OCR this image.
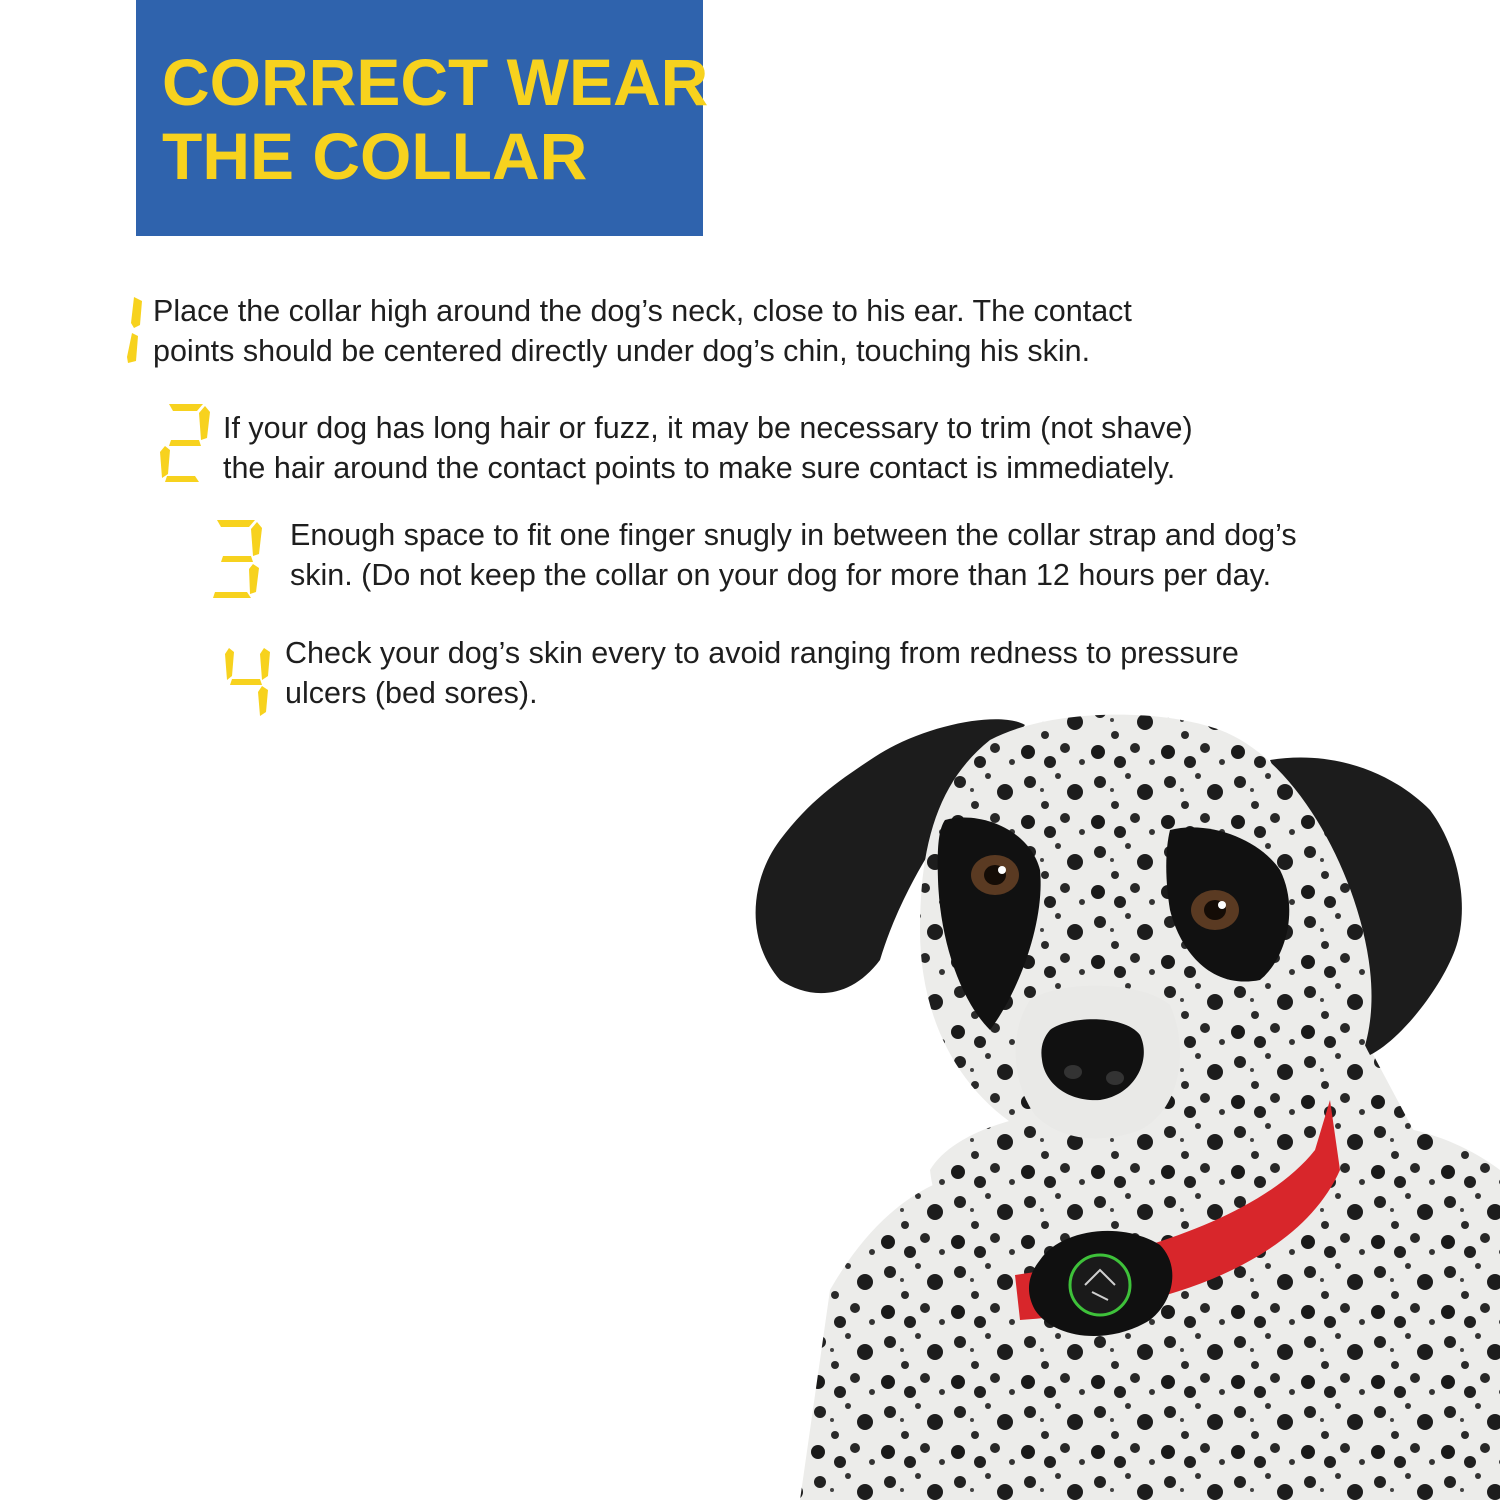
CORRECT WEAR
THE COLLAR

Place the collar high around the dog’s neck, close to his ear. The contact
points should be centered directly under dog’s chin, touching his skin.

If your dog has long hair or fuzz, it may be necessary to trim (not shave)
the hair around the contact points to make sure contact is immediately.

Enough space to fit one finger snugly in between the collar strap and dog’s
skin. (Do not keep the collar on your dog for more than 12 hours per day.

Check your dog’s skin every to avoid ranging from redness to pressure
ulcers (bed sores).
